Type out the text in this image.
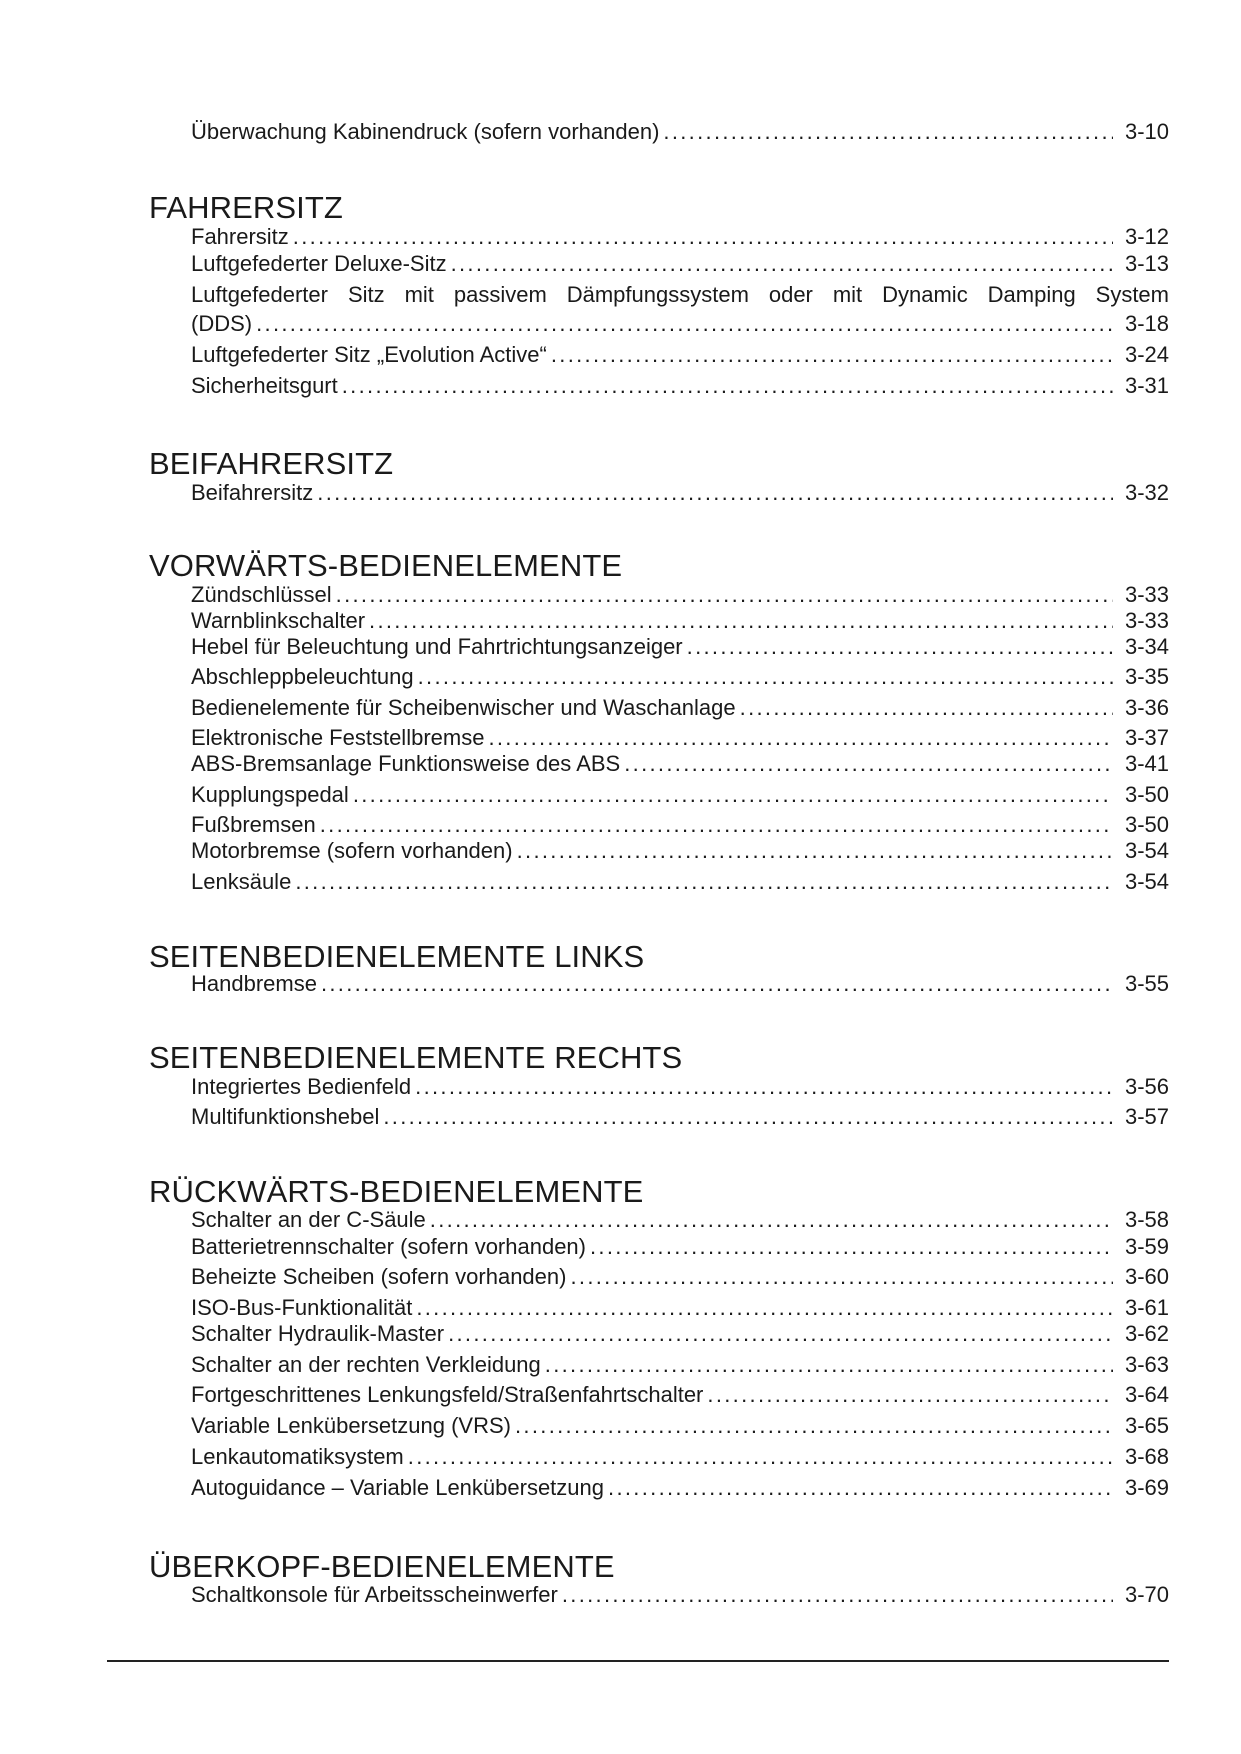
Überwachung Kabinendruck (sofern vorhanden) . . .	3-10
FAHRERSITZ
Fahrersitz . . .	3-12
Luftgefederter Deluxe-Sitz . . .	3-13
Luftgefederter Sitz mit passivem Dämpfungssystem oder mit Dynamic Damping System
(DDS) . . .	3-18
Luftgefederter Sitz „Evolution Active“ . . .	3-24
Sicherheitsgurt . . .	3-31
BEIFAHRERSITZ
Beifahrersitz . . .	3-32
VORWÄRTS-BEDIENELEMENTE
Zündschlüssel . . .	3-33
Warnblinkschalter . . .	3-33
Hebel für Beleuchtung und Fahrtrichtungsanzeiger . . .	3-34
Abschleppbeleuchtung . . .	3-35
Bedienelemente für Scheibenwischer und Waschanlage . . .	3-36
Elektronische Feststellbremse . . .	3-37
ABS-Bremsanlage Funktionsweise des ABS . . .	3-41
Kupplungspedal . . .	3-50
Fußbremsen . . .	3-50
Motorbremse (sofern vorhanden) . . .	3-54
Lenksäule . . .	3-54
SEITENBEDIENELEMENTE LINKS
Handbremse . . .	3-55
SEITENBEDIENELEMENTE RECHTS
Integriertes Bedienfeld . . .	3-56
Multifunktionshebel . . .	3-57
RÜCKWÄRTS-BEDIENELEMENTE
Schalter an der C-Säule . . .	3-58
Batterietrennschalter (sofern vorhanden) . . .	3-59
Beheizte Scheiben (sofern vorhanden) . . .	3-60
ISO-Bus-Funktionalität . . .	3-61
Schalter Hydraulik-Master . . .	3-62
Schalter an der rechten Verkleidung . . .	3-63
Fortgeschrittenes Lenkungsfeld/Straßenfahrtschalter . . .	3-64
Variable Lenkübersetzung (VRS) . . .	3-65
Lenkautomatiksystem . . .	3-68
Autoguidance – Variable Lenkübersetzung . . .	3-69
ÜBERKOPF-BEDIENELEMENTE
Schaltkonsole für Arbeitsscheinwerfer . . .	3-70
